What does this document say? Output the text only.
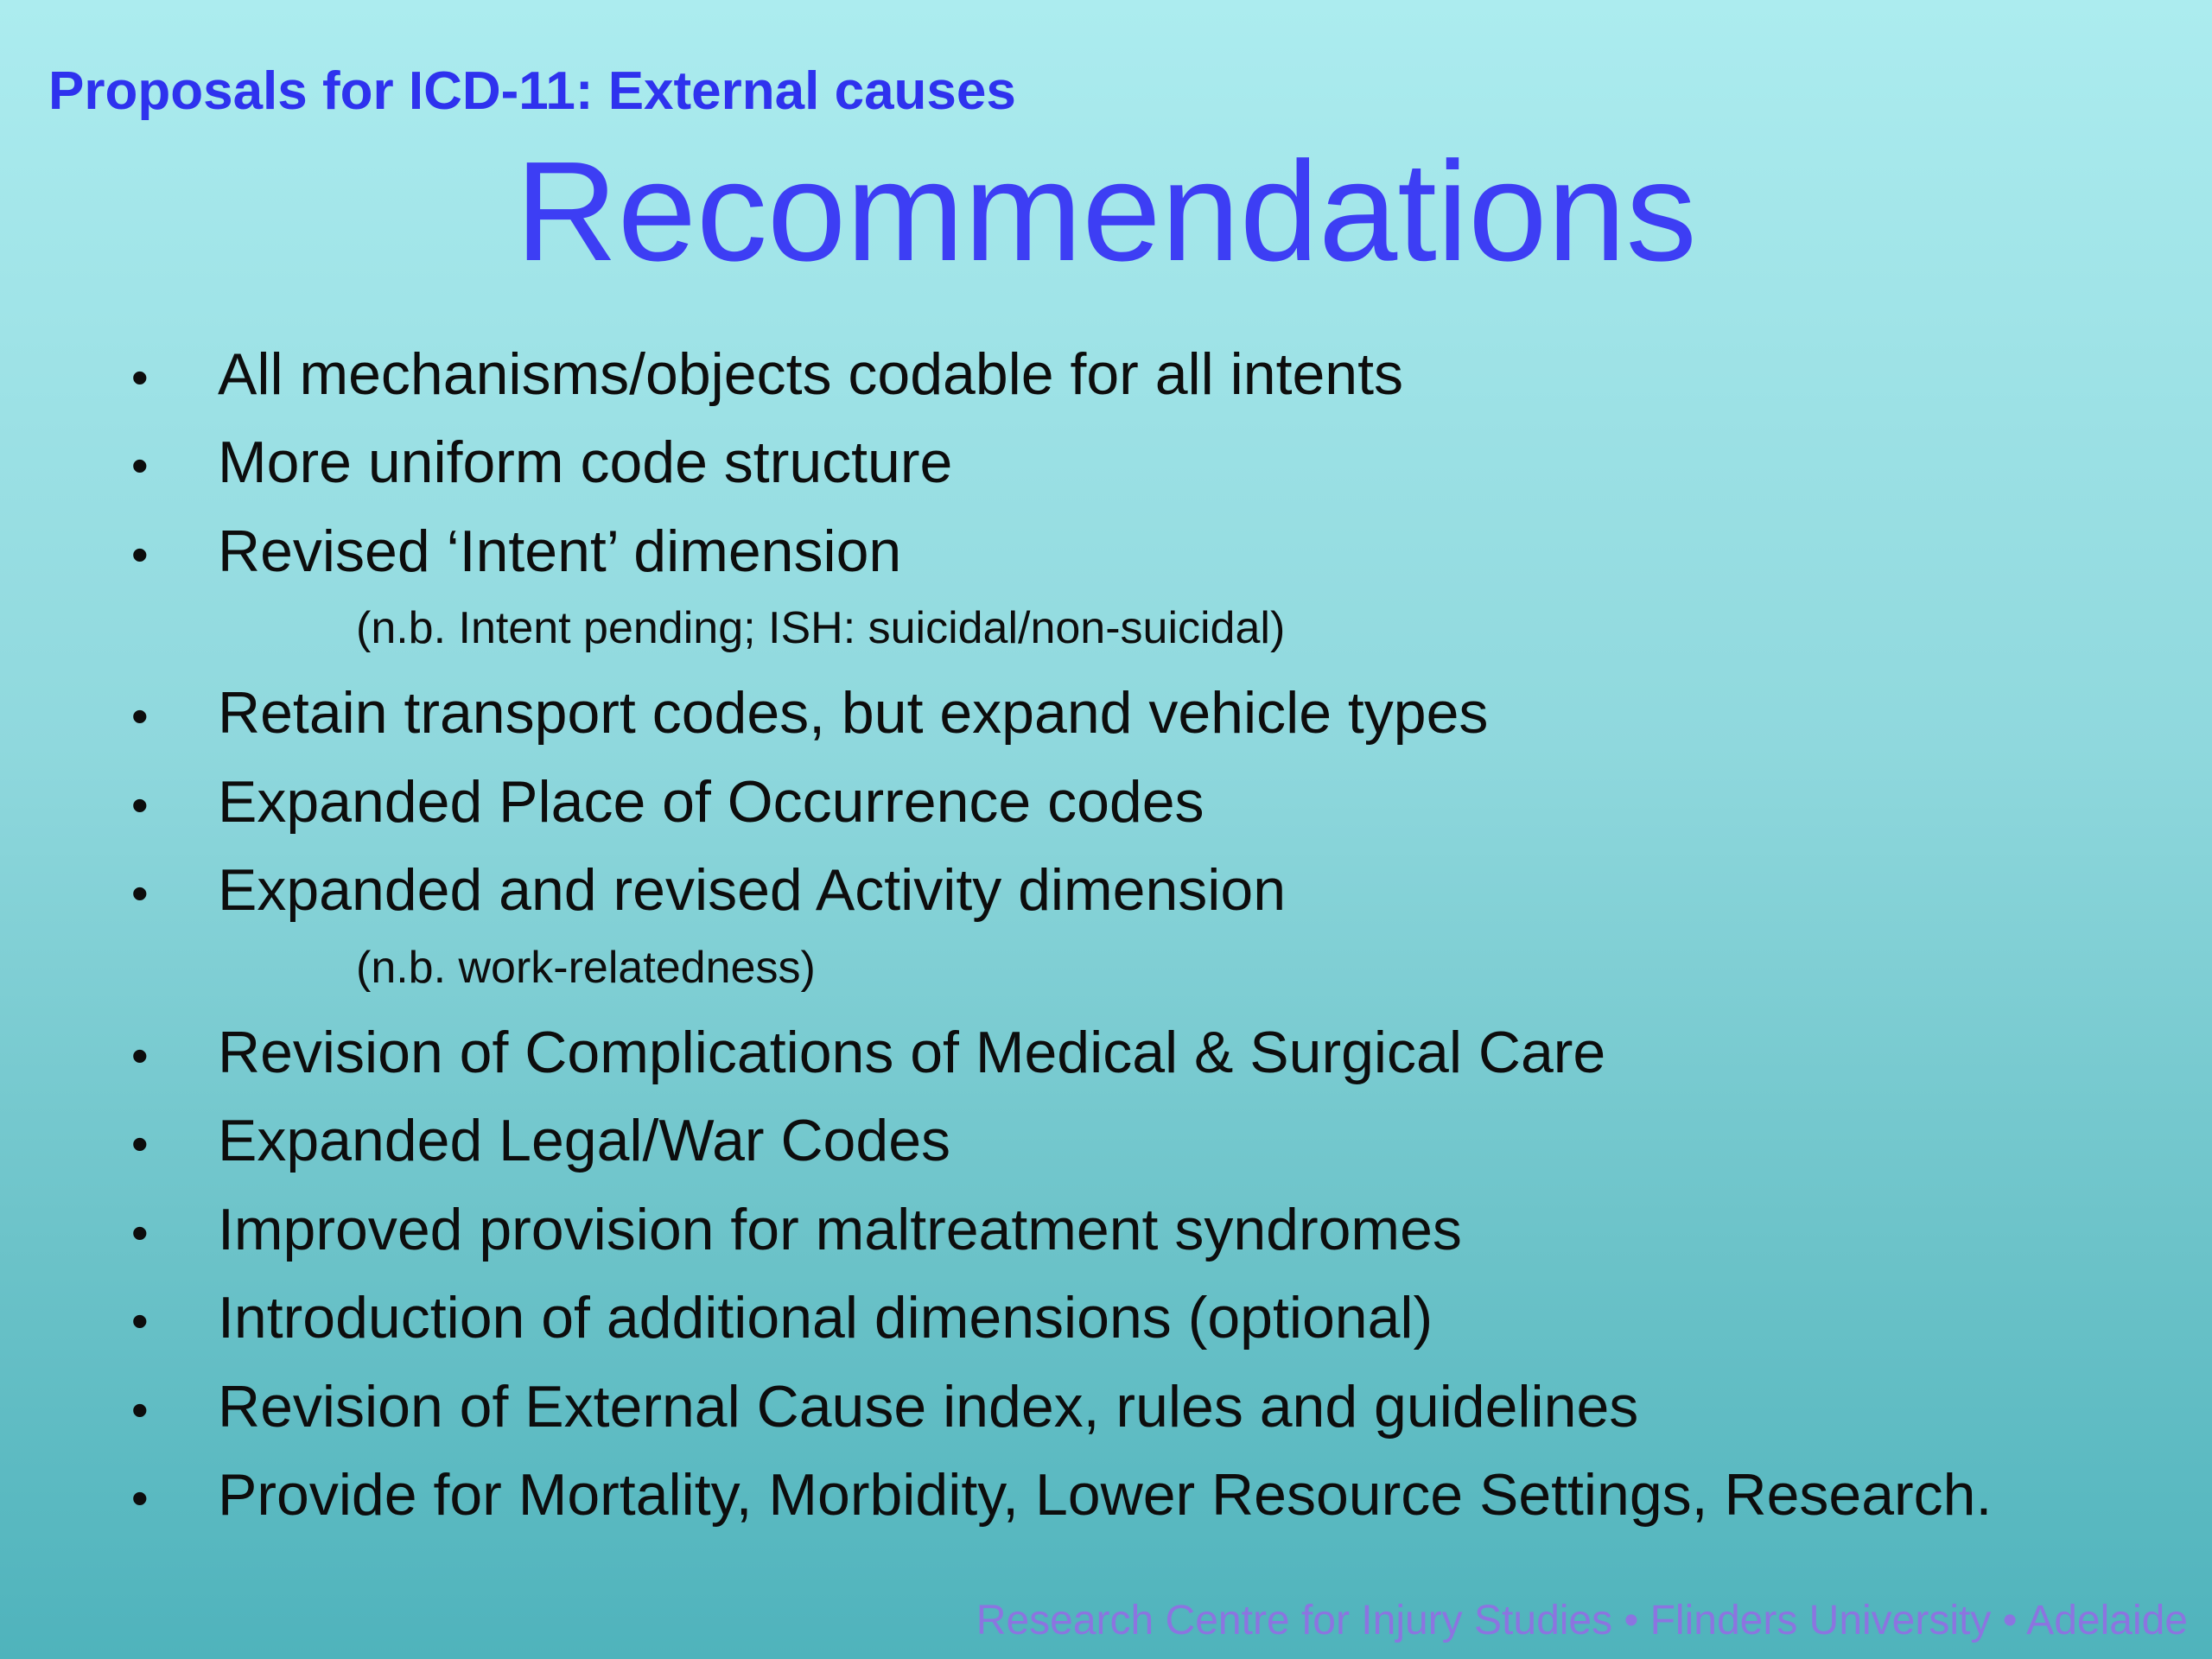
Proposals for ICD-11: External causes
Recommendations
• All mechanisms/objects codable for all intents
• More uniform code structure
• Revised ‘Intent’ dimension
(n.b. Intent pending; ISH: suicidal/non-suicidal)
• Retain transport codes, but expand vehicle types
• Expanded Place of Occurrence codes
• Expanded and revised Activity dimension
(n.b. work-relatedness)
• Revision of Complications of Medical & Surgical Care
• Expanded Legal/War Codes
• Improved provision for maltreatment syndromes
• Introduction of additional dimensions (optional)
• Revision of External Cause index, rules and guidelines
• Provide for Mortality, Morbidity, Lower Resource Settings, Research.
Research Centre for Injury Studies • Flinders University • Adelaide
